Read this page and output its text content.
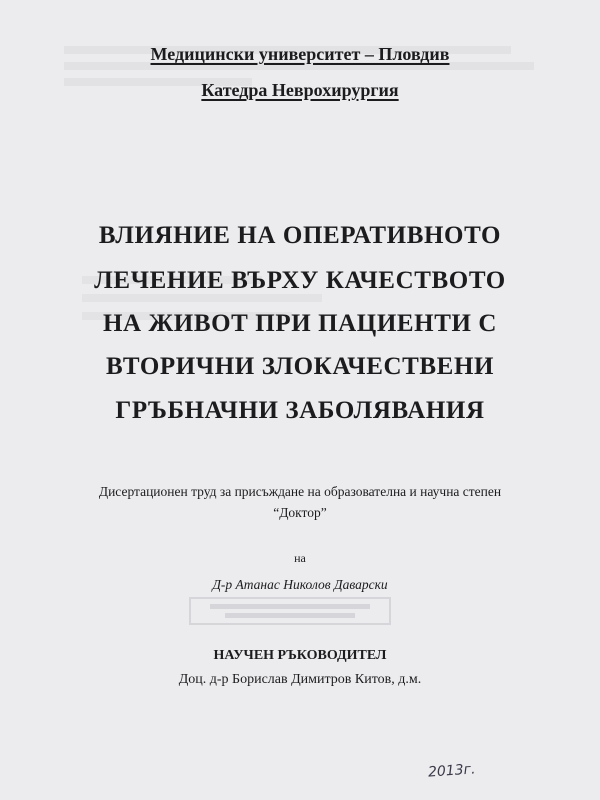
Медицински университет – Пловдив
Катедра Неврохирургия
ВЛИЯНИЕ НА ОПЕРАТИВНОТО
ЛЕЧЕНИЕ ВЪРХУ КАЧЕСТВОТО
НА ЖИВОТ ПРИ ПАЦИЕНТИ С
ВТОРИЧНИ ЗЛОКАЧЕСТВЕНИ
ГРЪБНАЧНИ ЗАБОЛЯВАНИЯ
Дисертационен труд за присъждане на образователна и научна степен
“Доктор”
на
Д-р Атанас Николов Даварски
НАУЧЕН РЪКОВОДИТЕЛ
Доц. д-р Борислав Димитров Китов, д.м.
2013г.
